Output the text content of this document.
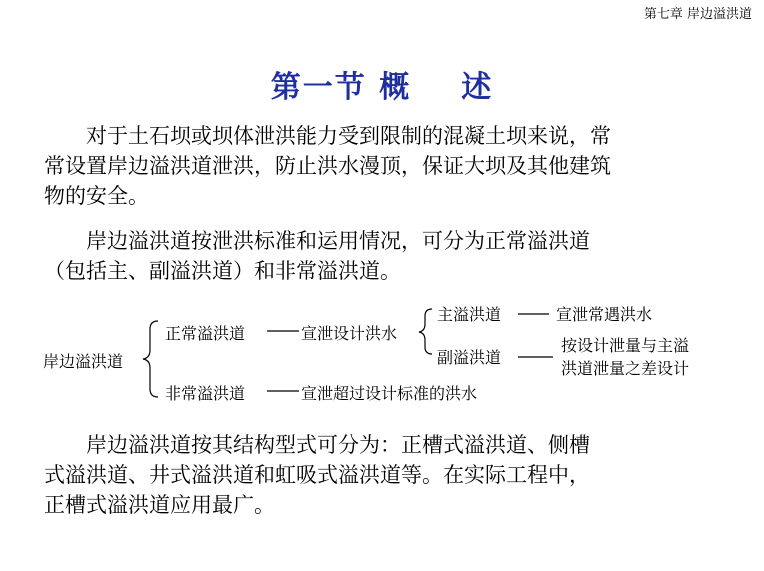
第七章 岸边溢洪道
第一节 概 述
对于土石坝或坝体泄洪能力受到限制的混凝土坝来说，常
常设置岸边溢洪道泄洪，防止洪水漫顶，保证大坝及其他建筑
物的安全。
岸边溢洪道按泄洪标准和运用情况，可分为正常溢洪道
（包括主、副溢洪道）和非常溢洪道。
岸边溢洪道
正常溢洪道	宣泄设计洪水
主溢洪道	宣泄常遇洪水
副溢洪道
按设计泄量与主溢
洪道泄量之差设计
非常溢洪道	宣泄超过设计标准的洪水
岸边溢洪道按其结构型式可分为：正槽式溢洪道、侧槽
式溢洪道、井式溢洪道和虹吸式溢洪道等。在实际工程中，
正槽式溢洪道应用最广。
